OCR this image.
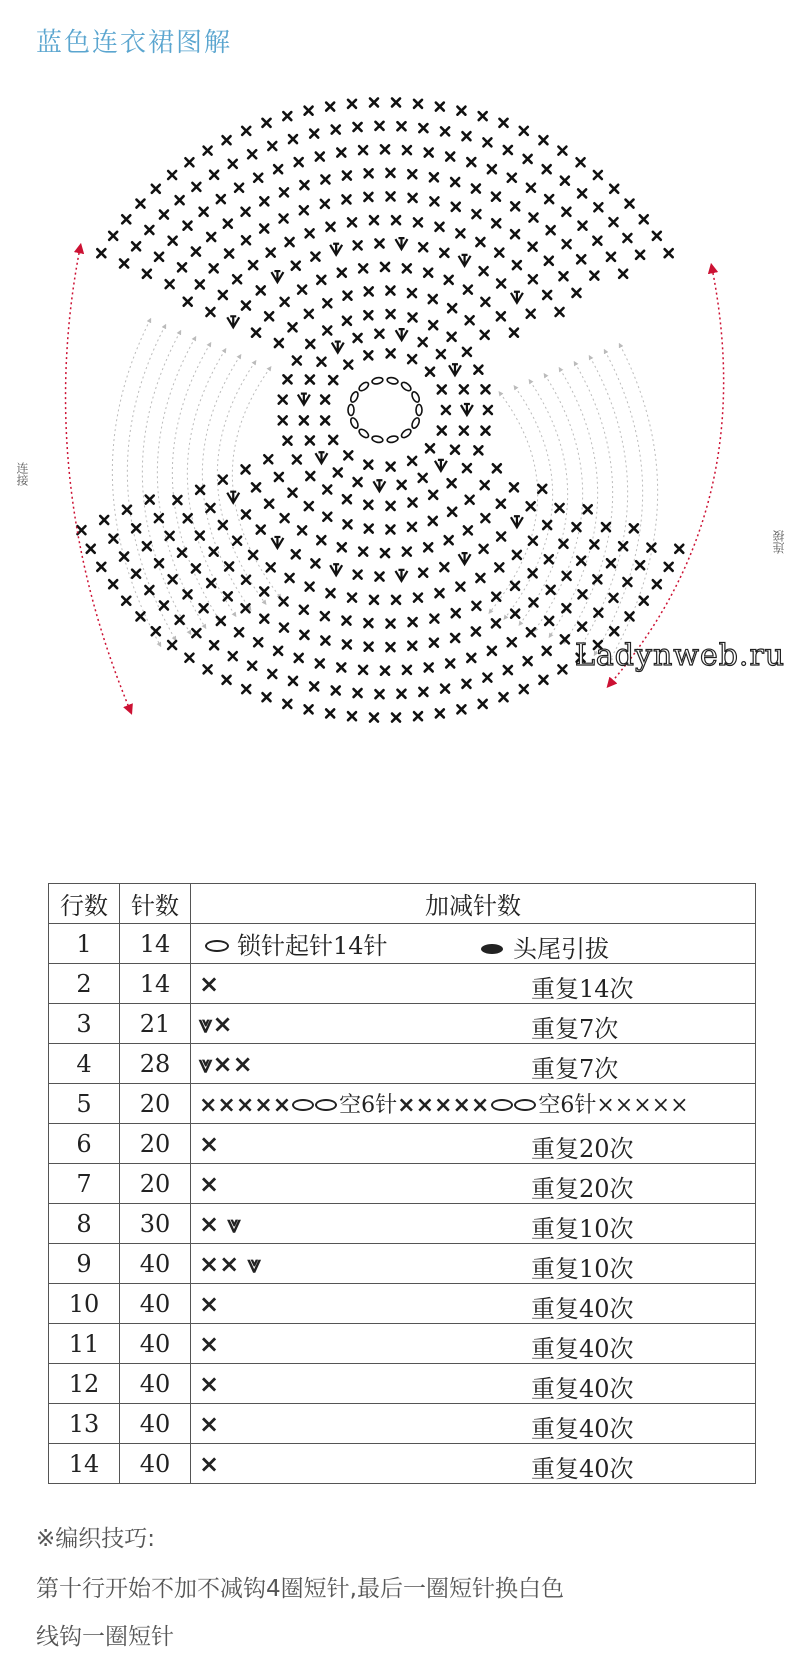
蓝色连衣裙图解
连接
连接
Ladynweb.ru
行数	针数	加减针数
1	14	锁针起针14针 头尾引拔

2	14	× 重复14次

3	21	⩔× 重复7次

4	28	⩔×× 重复7次

5	20	××××× 空6针××××× 空6针×××××
6	20	× 重复20次

7	20	× 重复20次

8	30	× ⩔ 重复10次

9	40	×× ⩔ 重复10次

10	40	× 重复40次

11	40	× 重复40次

12	40	× 重复40次

13	40	× 重复40次

14	40	× 重复40次
※编织技巧:
第十行开始不加不减钩4圈短针,最后一圈短针换白色
线钩一圈短针
